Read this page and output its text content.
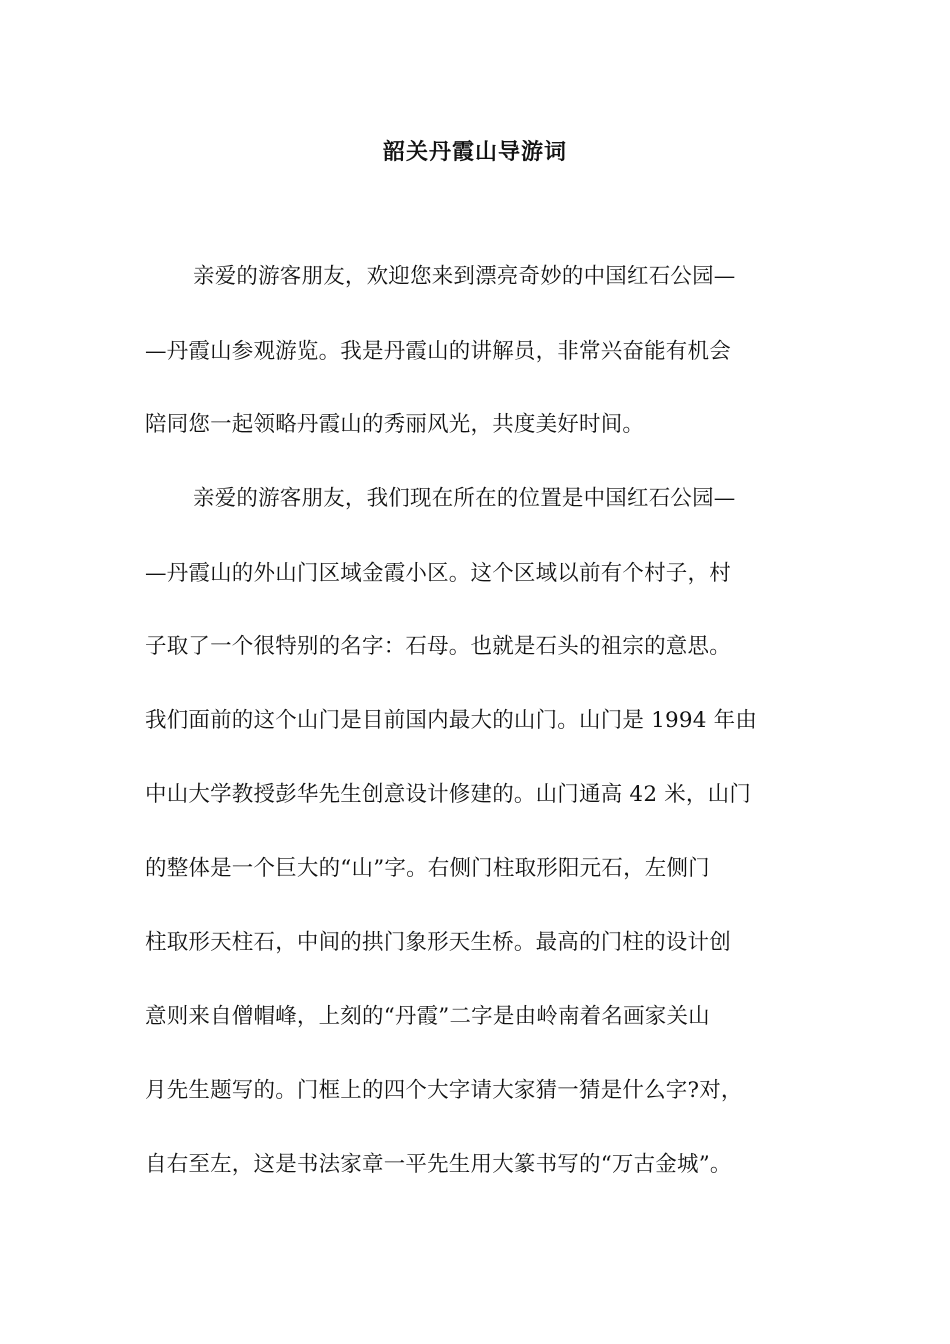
韶关丹霞山导游词
亲爱的游客朋友，欢迎您来到漂亮奇妙的中国红石公园—
—丹霞山参观游览。我是丹霞山的讲解员，非常兴奋能有机会
陪同您一起领略丹霞山的秀丽风光，共度美好时间。
亲爱的游客朋友，我们现在所在的位置是中国红石公园—
—丹霞山的外山门区域金霞小区。这个区域以前有个村子，村
子取了一个很特别的名字：石母。也就是石头的祖宗的意思。
我们面前的这个山门是目前国内最大的山门。山门是 1994 年由
中山大学教授彭华先生创意设计修建的。山门通高 42 米，山门
的整体是一个巨大的“山”字。右侧门柱取形阳元石，左侧门
柱取形天柱石，中间的拱门象形天生桥。最高的门柱的设计创
意则来自僧帽峰，上刻的“丹霞”二字是由岭南着名画家关山
月先生题写的。门框上的四个大字请大家猜一猜是什么字?对，
自右至左，这是书法家章一平先生用大篆书写的“万古金城”。
